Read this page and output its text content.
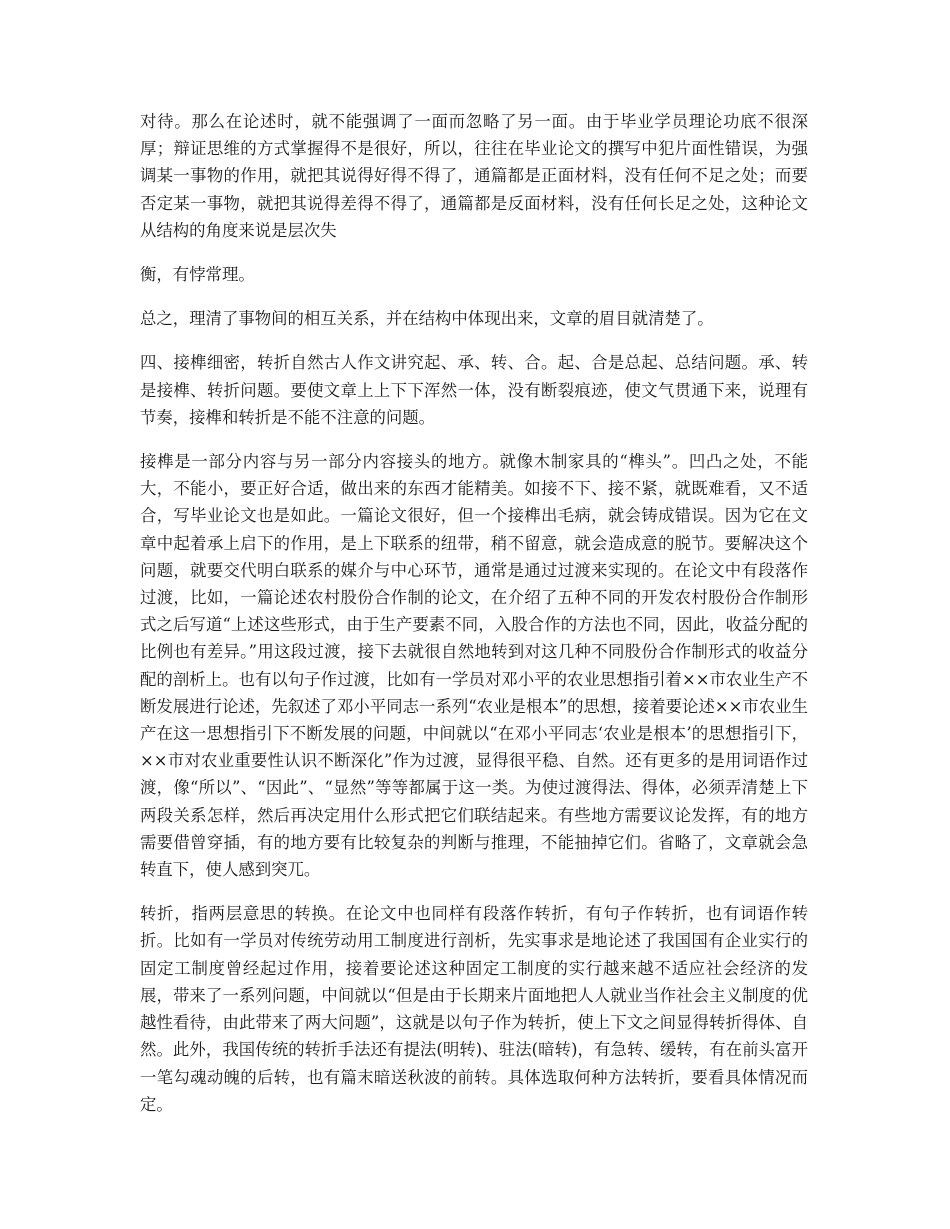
对待。那么在论述时，就不能强调了一面而忽略了另一面。由于毕业学员理论功底不很深厚；辩证思维的方式掌握得不是很好，所以，往往在毕业论文的撰写中犯片面性错误，为强调某一事物的作用，就把其说得好得不得了，通篇都是正面材料，没有任何不足之处；而要否定某一事物，就把其说得差得不得了，通篇都是反面材料，没有任何长足之处，这种论文从结构的角度来说是层次失

衡，有悖常理。

总之，理清了事物间的相互关系，并在结构中体现出来，文章的眉目就清楚了。

四、接榫细密，转折自然古人作文讲究起、承、转、合。起、合是总起、总结问题。承、转是接榫、转折问题。要使文章上上下下浑然一体，没有断裂痕迹，使文气贯通下来，说理有节奏，接榫和转折是不能不注意的问题。

接榫是一部分内容与另一部分内容接头的地方。就像木制家具的“榫头”。凹凸之处，不能大，不能小，要正好合适，做出来的东西才能精美。如接不下、接不紧，就既难看，又不适合，写毕业论文也是如此。一篇论文很好，但一个接榫出毛病，就会铸成错误。因为它在文章中起着承上启下的作用，是上下联系的纽带，稍不留意，就会造成意的脱节。要解决这个问题，就要交代明白联系的媒介与中心环节，通常是通过过渡来实现的。在论文中有段落作过渡，比如，一篇论述农村股份合作制的论文，在介绍了五种不同的开发农村股份合作制形式之后写道“上述这些形式，由于生产要素不同，入股合作的方法也不同，因此，收益分配的比例也有差异。”用这段过渡，接下去就很自然地转到对这几种不同股份合作制形式的收益分配的剖析上。也有以句子作过渡，比如有一学员对邓小平的农业思想指引着××市农业生产不断发展进行论述，先叙述了邓小平同志一系列“农业是根本”的思想，接着要论述××市农业生产在这一思想指引下不断发展的问题，中间就以“在邓小平同志‘农业是根本’的思想指引下，××市对农业重要性认识不断深化”作为过渡，显得很平稳、自然。还有更多的是用词语作过渡，像“所以”、“因此”、“显然”等等都属于这一类。为使过渡得法、得体，必须弄清楚上下两段关系怎样，然后再决定用什么形式把它们联结起来。有些地方需要议论发挥，有的地方需要借曾穿插，有的地方要有比较复杂的判断与推理，不能抽掉它们。省略了，文章就会急转直下，使人感到突兀。

转折，指两层意思的转换。在论文中也同样有段落作转折，有句子作转折，也有词语作转折。比如有一学员对传统劳动用工制度进行剖析，先实事求是地论述了我国国有企业实行的固定工制度曾经起过作用，接着要论述这种固定工制度的实行越来越不适应社会经济的发展，带来了一系列问题，中间就以“但是由于长期来片面地把人人就业当作社会主义制度的优越性看待，由此带来了两大问题”，这就是以句子作为转折，使上下文之间显得转折得体、自然。此外，我国传统的转折手法还有提法(明转)、驻法(暗转)，有急转、缓转，有在前头富开一笔勾魂动魄的后转，也有篇末暗送秋波的前转。具体选取何种方法转折，要看具体情况而定。
